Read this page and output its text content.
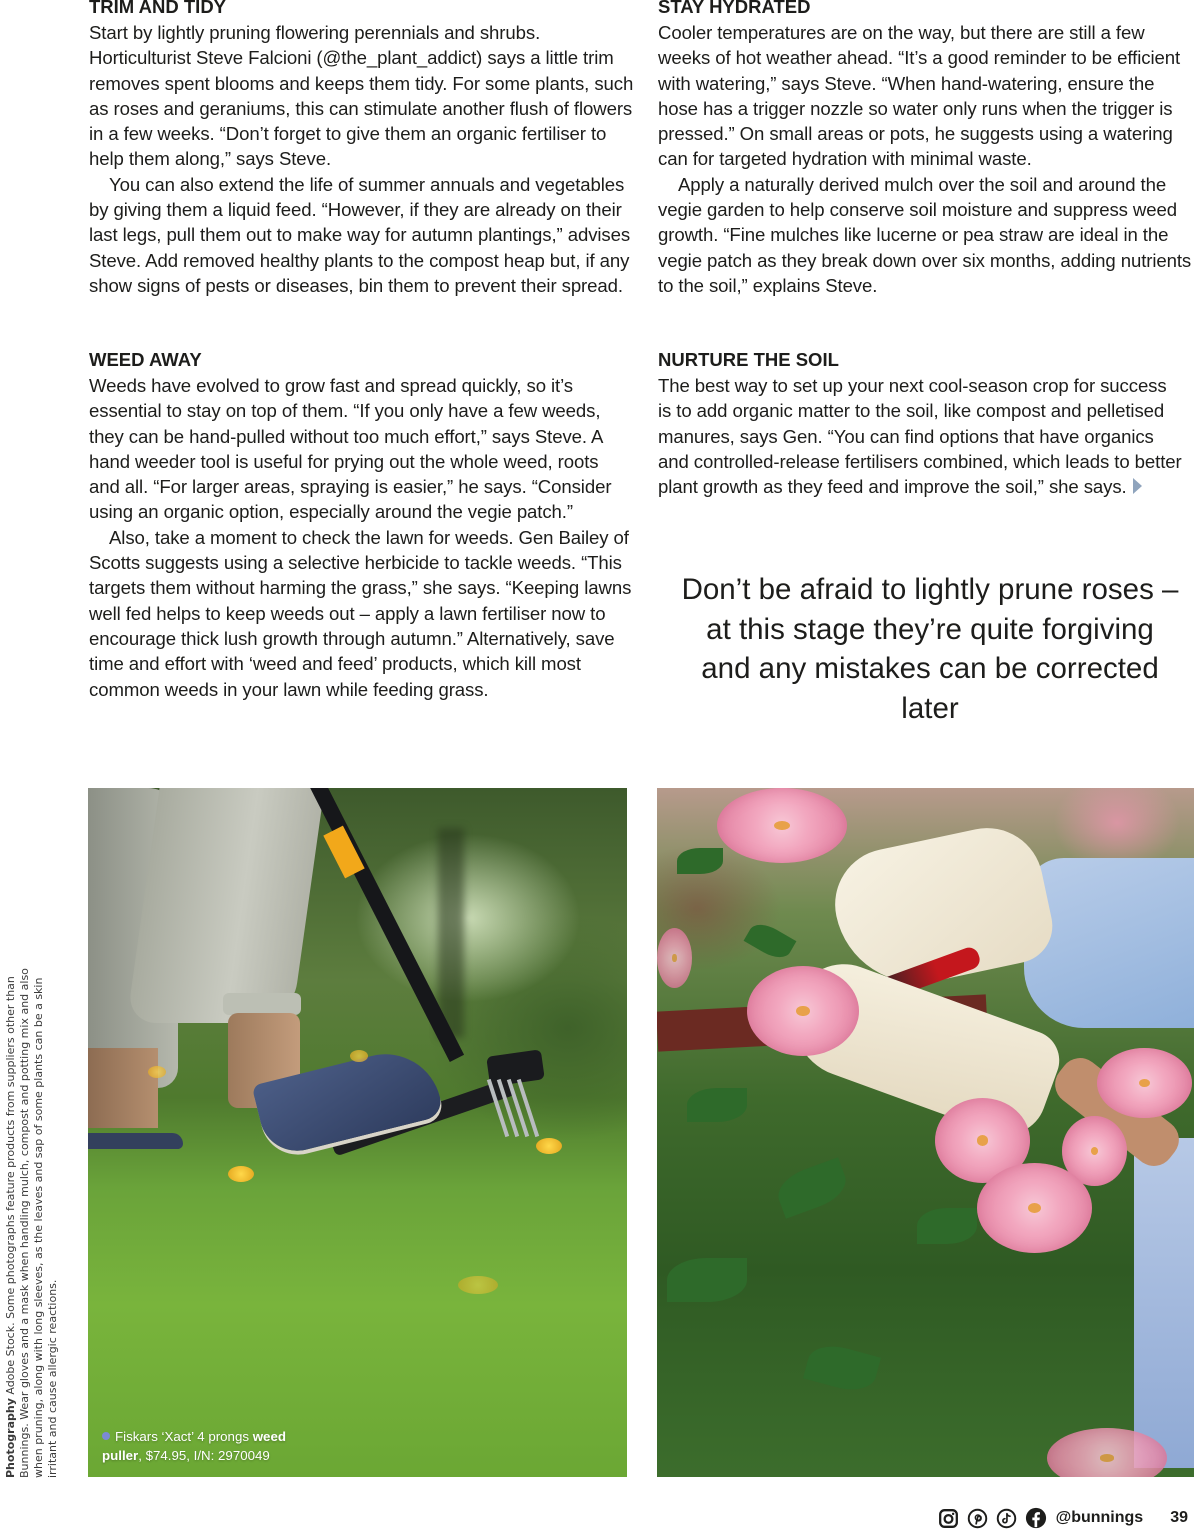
TRIM AND TIDY

Start by lightly pruning flowering perennials and shrubs. Horticulturist Steve Falcioni (@the_plant_addict) says a little trim removes spent blooms and keeps them tidy. For some plants, such as roses and geraniums, this can stimulate another flush of flowers in a few weeks. “Don’t forget to give them an organic fertiliser to help them along,” says Steve.

You can also extend the life of summer annuals and vegetables by giving them a liquid feed. “However, if they are already on their last legs, pull them out to make way for autumn plantings,” advises Steve. Add removed healthy plants to the compost heap but, if any show signs of pests or diseases, bin them to prevent their spread.

WEED AWAY

Weeds have evolved to grow fast and spread quickly, so it’s essential to stay on top of them. “If you only have a few weeds, they can be hand-pulled without too much effort,” says Steve. A hand weeder tool is useful for prying out the whole weed, roots and all. “For larger areas, spraying is easier,” he says. “Consider using an organic option, especially around the vegie patch.”

Also, take a moment to check the lawn for weeds. Gen Bailey of Scotts suggests using a selective herbicide to tackle weeds. “This targets them without harming the grass,” she says. “Keeping lawns well fed helps to keep weeds out – apply a lawn fertiliser now to encourage thick lush growth through autumn.” Alternatively, save time and effort with ‘weed and feed’ products, which kill most common weeds in your lawn while feeding grass.

STAY HYDRATED

Cooler temperatures are on the way, but there are still a few weeks of hot weather ahead. “It’s a good reminder to be efficient with watering,” says Steve. “When hand-watering, ensure the hose has a trigger nozzle so water only runs when the trigger is pressed.” On small areas or pots, he suggests using a watering can for targeted hydration with minimal waste.

Apply a naturally derived mulch over the soil and around the vegie garden to help conserve soil moisture and suppress weed growth. “Fine mulches like lucerne or pea straw are ideal in the vegie patch as they break down over six months, adding nutrients to the soil,” explains Steve.

NURTURE THE SOIL

The best way to set up your next cool-season crop for success is to add organic matter to the soil, like compost and pelletised manures, says Gen. “You can find options that have organics and controlled-release fertilisers combined, which leads to better plant growth as they feed and improve the soil,” she says.

Don’t be afraid to lightly prune roses – at this stage they’re quite forgiving and any mistakes can be corrected later
Fiskars ‘Xact’ 4 prongs weed
puller, $74.95, I/N: 2970049
Photography Adobe Stock. Some photographs feature products from suppliers other than Bunnings. Wear gloves and a mask when handling mulch, compost and potting mix and also when pruning, along with long sleeves, as the leaves and sap of some plants can be a skin irritant and cause allergic reactions.
@bunnings 39
